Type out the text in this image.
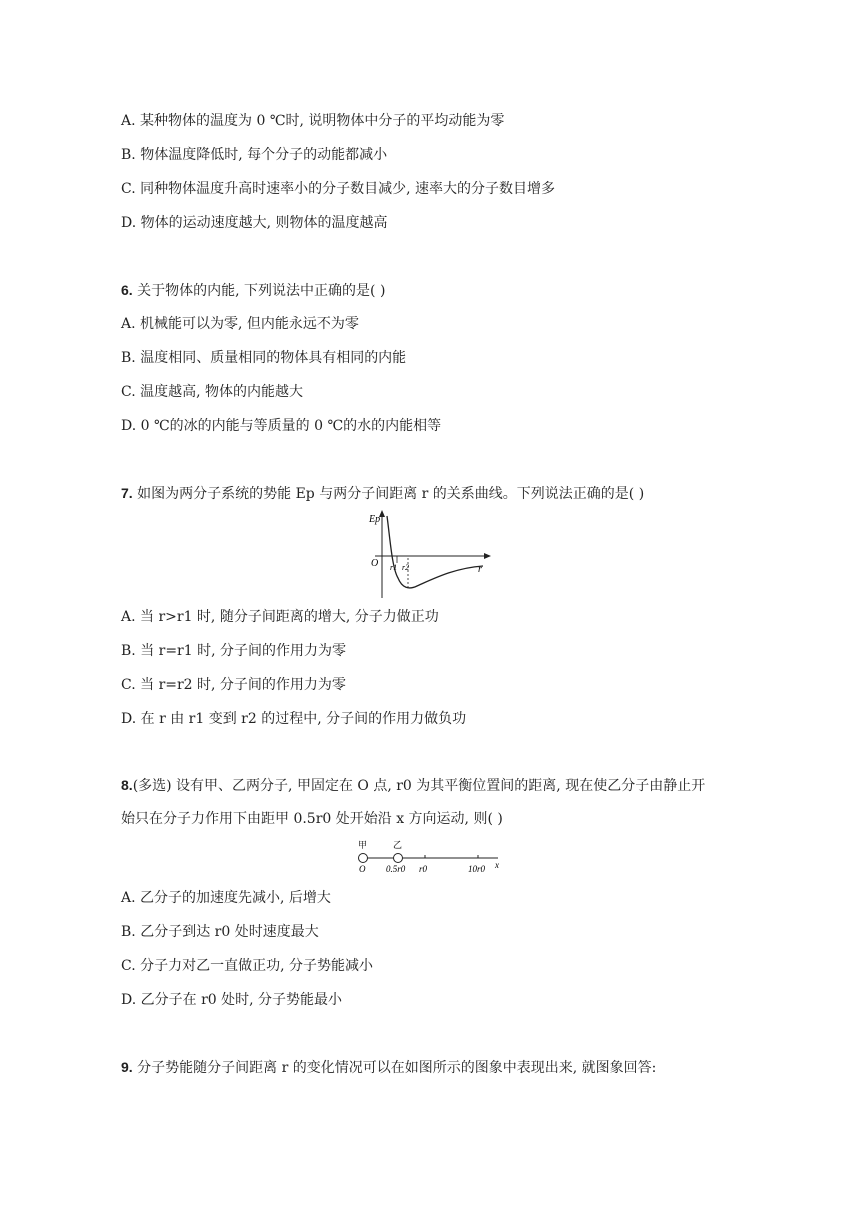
A. 某种物体的温度为 0 ℃时, 说明物体中分子的平均动能为零
B. 物体温度降低时, 每个分子的动能都减小
C. 同种物体温度升高时速率小的分子数目减少, 速率大的分子数目增多
D. 物体的运动速度越大, 则物体的温度越高
6. 关于物体的内能, 下列说法中正确的是( )
A. 机械能可以为零, 但内能永远不为零
B. 温度相同、质量相同的物体具有相同的内能
C. 温度越高, 物体的内能越大
D. 0 ℃的冰的内能与等质量的 0 ℃的水的内能相等
7. 如图为两分子系统的势能 Ep 与两分子间距离 r 的关系曲线。下列说法正确的是( )
Ep
O r1 r2	r
A. 当 r>r1 时, 随分子间距离的增大, 分子力做正功
B. 当 r=r1 时, 分子间的作用力为零
C. 当 r=r2 时, 分子间的作用力为零
D. 在 r 由 r1 变到 r2 的过程中, 分子间的作用力做负功
8.(多选) 设有甲、乙两分子, 甲固定在 O 点, r0 为其平衡位置间的距离, 现在使乙分子由静止开
始只在分子力作用下由距甲 0.5r0 处开始沿 x 方向运动, 则( )
甲	乙
O 0.5r0 r0	10r0 x
A. 乙分子的加速度先减小, 后增大
B. 乙分子到达 r0 处时速度最大
C. 分子力对乙一直做正功, 分子势能减小
D. 乙分子在 r0 处时, 分子势能最小
9. 分子势能随分子间距离 r 的变化情况可以在如图所示的图象中表现出来, 就图象回答:
